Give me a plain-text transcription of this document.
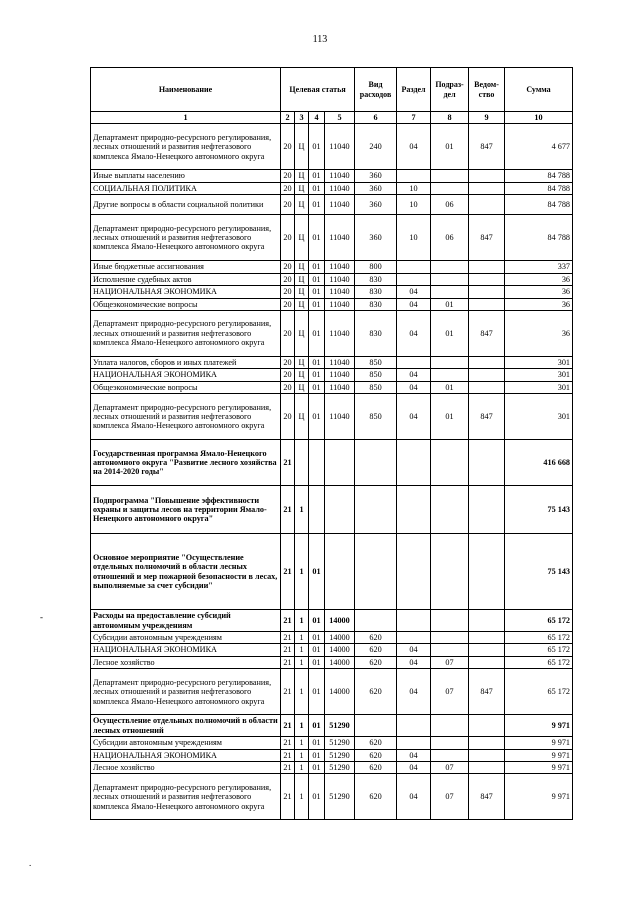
113
Наименование	Целевая статья				Вид расходов	Раздел	Подраз-дел	Ведом-ство	Сумма
1	2	3	4	5	6	7	8	9	10
Департамент природно-ресурсного регулирования, лесных отношений и развития нефтегазового комплекса Ямало-Ненецкого автономного округа	20	Ц	01	11040	240	04	01	847	4 677
Иные выплаты населению	20	Ц	01	11040	360				84 788
СОЦИАЛЬНАЯ ПОЛИТИКА	20	Ц	01	11040	360	10			84 788
Другие вопросы в области социальной политики	20	Ц	01	11040	360	10	06		84 788
Департамент природно-ресурсного регулирования, лесных отношений и развития нефтегазового комплекса Ямало-Ненецкого автономного округа	20	Ц	01	11040	360	10	06	847	84 788
Иные бюджетные ассигнования	20	Ц	01	11040	800				337
Исполнение судебных актов	20	Ц	01	11040	830				36
НАЦИОНАЛЬНАЯ ЭКОНОМИКА	20	Ц	01	11040	830	04			36
Общеэкономические вопросы	20	Ц	01	11040	830	04	01		36
Департамент природно-ресурсного регулирования, лесных отношений и развития нефтегазового комплекса Ямало-Ненецкого автономного округа	20	Ц	01	11040	830	04	01	847	36
Уплата налогов, сборов и иных платежей	20	Ц	01	11040	850				301
НАЦИОНАЛЬНАЯ ЭКОНОМИКА	20	Ц	01	11040	850	04			301
Общеэкономические вопросы	20	Ц	01	11040	850	04	01		301
Департамент природно-ресурсного регулирования, лесных отношений и развития нефтегазового комплекса Ямало-Ненецкого автономного округа	20	Ц	01	11040	850	04	01	847	301
Государственная программа Ямало-Ненецкого автономного округа "Развитие лесного хозяйства на 2014-2020 годы"	21								416 668
Подпрограмма "Повышение эффективности охраны и защиты лесов на территории Ямало-Ненецкого автономного округа"	21	1							75 143
Основное мероприятие "Осуществление отдельных полномочий в области лесных отношений и мер пожарной безопасности в лесах, выполняемые за счет субсидии"	21	1	01						75 143
Расходы на предоставление субсидий автономным учреждениям	21	1	01	14000					65 172
Субсидии автономным учреждениям	21	1	01	14000	620				65 172
НАЦИОНАЛЬНАЯ ЭКОНОМИКА	21	1	01	14000	620	04			65 172
Лесное хозяйство	21	1	01	14000	620	04	07		65 172
Департамент природно-ресурсного регулирования, лесных отношений и развития нефтегазового комплекса Ямало-Ненецкого автономного округа	21	1	01	14000	620	04	07	847	65 172
Осуществление отдельных полномочий в области лесных отношений	21	1	01	51290					9 971
Субсидии автономным учреждениям	21	1	01	51290	620				9 971
НАЦИОНАЛЬНАЯ ЭКОНОМИКА	21	1	01	51290	620	04			9 971
Лесное хозяйство	21	1	01	51290	620	04	07		9 971
Департамент природно-ресурсного регулирования, лесных отношений и развития нефтегазового комплекса Ямало-Ненецкого автономного округа	21	1	01	51290	620	04	07	847	9 971
-
.
